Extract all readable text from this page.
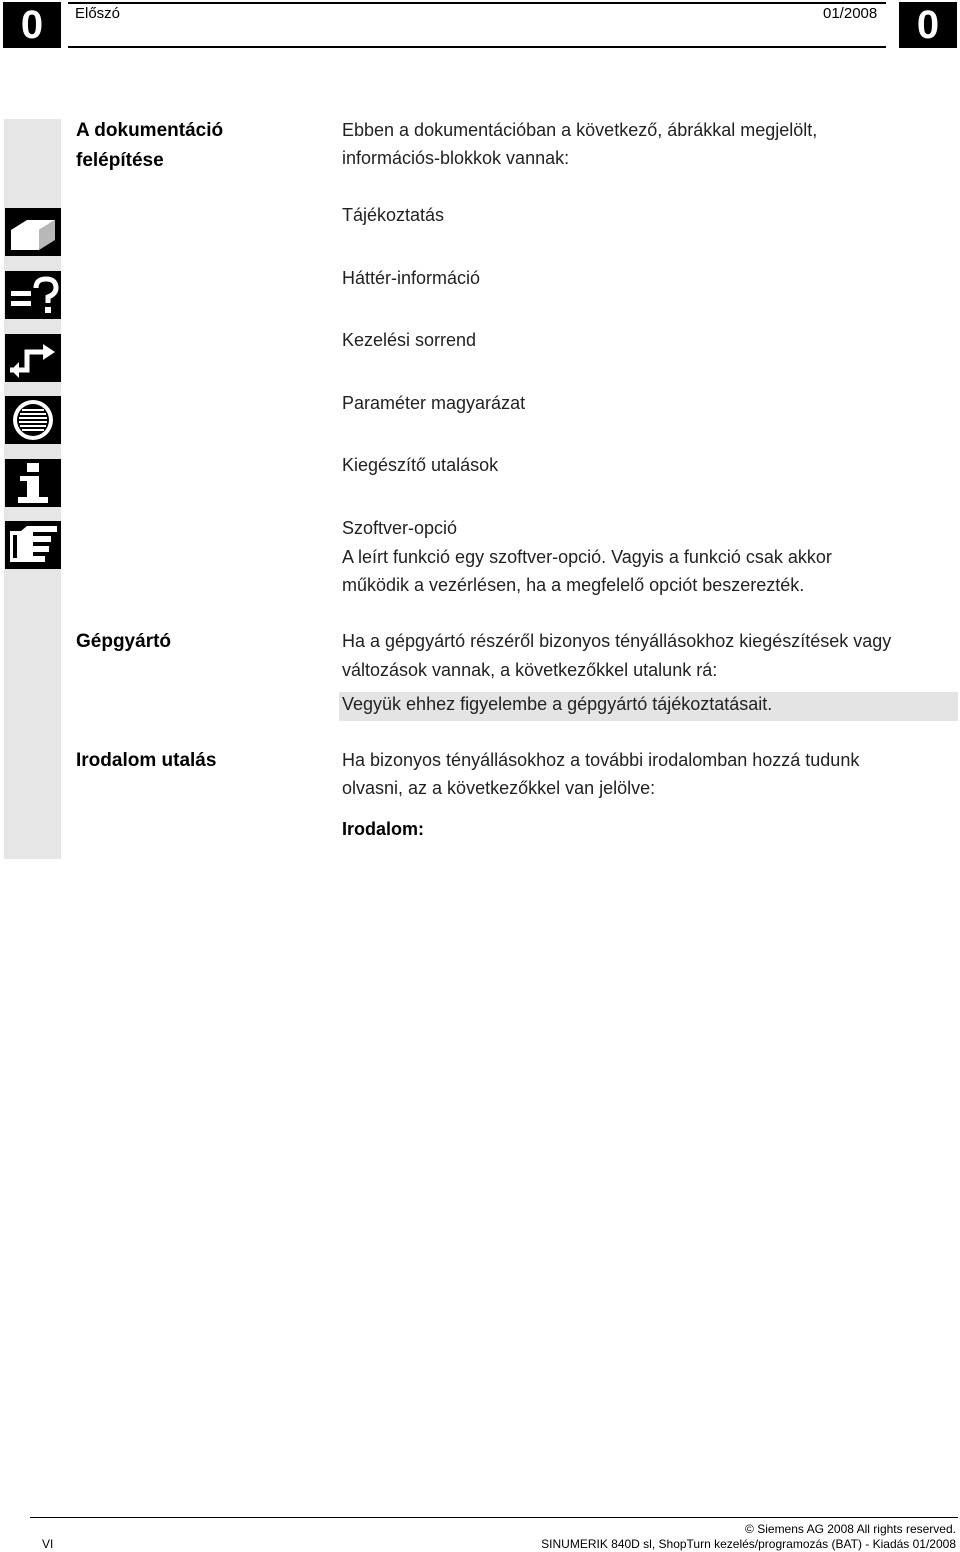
0	0
Előszó	01/2008
A dokumentáció
felépítése
Ebben a dokumentációban a következő, ábrákkal megjelölt,
információs-blokkok vannak:
Tájékoztatás
Háttér-információ
Kezelési sorrend
Paraméter magyarázat
Kiegészítő utalások
Szoftver-opció
A leírt funkció egy szoftver-opció. Vagyis a funkció csak akkor
működik a vezérlésen, ha a megfelelő opciót beszerezték.
Gépgyártó	Ha a gépgyártó részéről bizonyos tényállásokhoz kiegészítések vagy
változások vannak, a következőkkel utalunk rá:
Vegyük ehhez figyelembe a gépgyártó tájékoztatásait.
Irodalom utalás	Ha bizonyos tényállásokhoz a további irodalomban hozzá tudunk
olvasni, az a következőkkel van jelölve:
Irodalom:
VI
© Siemens AG 2008 All rights reserved.
SINUMERIK 840D sl, ShopTurn kezelés/programozás (BAT) - Kiadás 01/2008
